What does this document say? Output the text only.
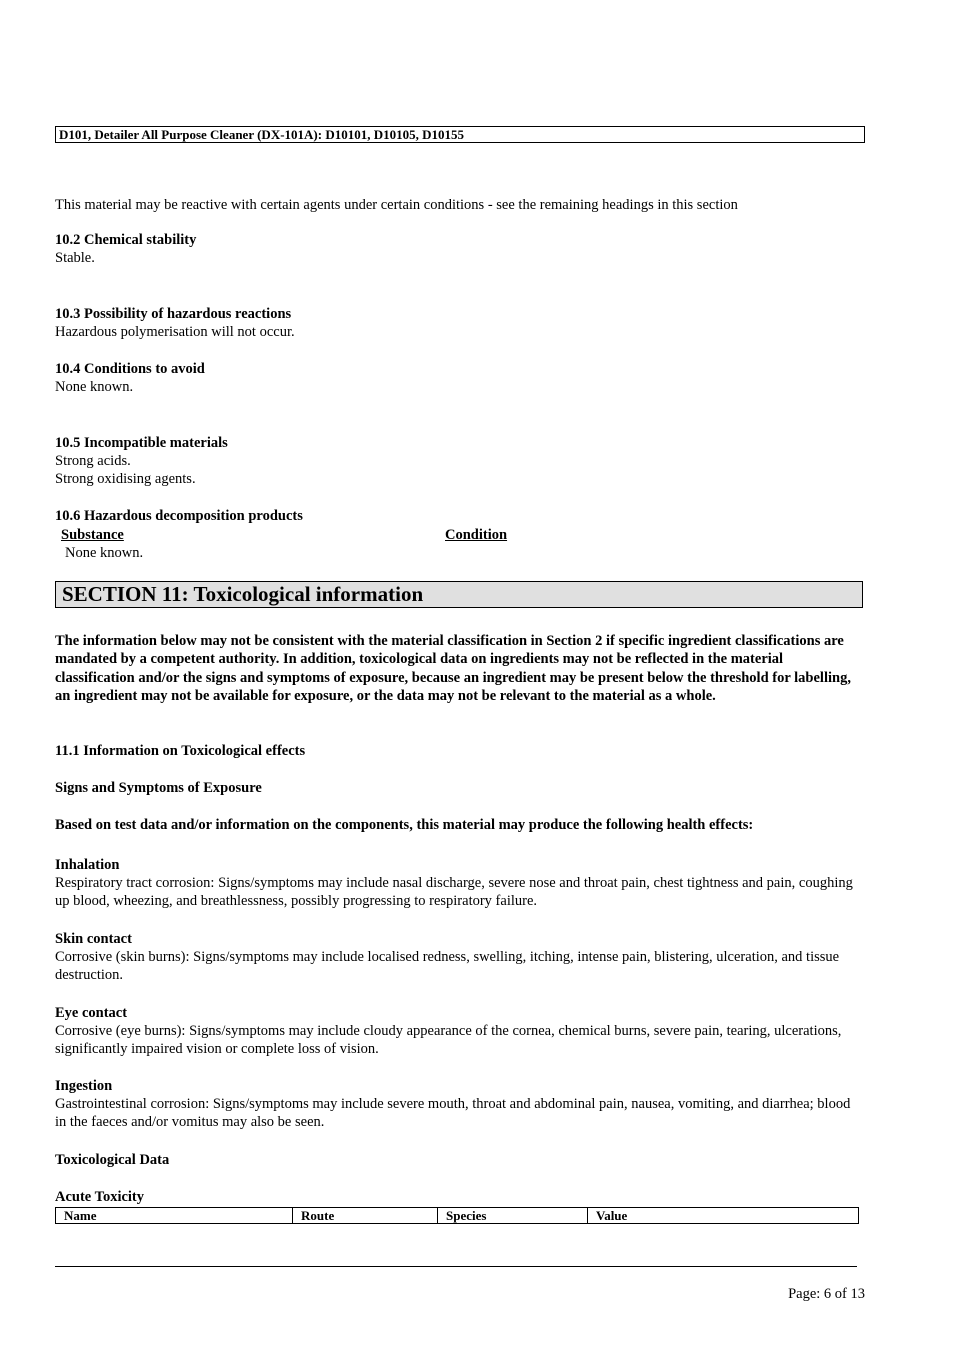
D101, Detailer All Purpose Cleaner (DX-101A): D10101, D10105, D10155
This material may be reactive with certain agents under certain conditions - see the remaining headings in this section
10.2 Chemical stability
Stable.
10.3 Possibility of hazardous reactions
Hazardous polymerisation will not occur.
10.4 Conditions to avoid
None known.
10.5 Incompatible materials
Strong acids.
Strong oxidising agents.
10.6 Hazardous decomposition products
Substance	Condition
None known.
SECTION 11: Toxicological information
The information below may not be consistent with the material classification in Section 2 if specific ingredient classifications are mandated by a competent authority. In addition, toxicological data on ingredients may not be reflected in the material classification and/or the signs and symptoms of exposure, because an ingredient may be present below the threshold for labelling, an ingredient may not be available for exposure, or the data may not be relevant to the material as a whole.
11.1 Information on Toxicological effects
Signs and Symptoms of Exposure
Based on test data and/or information on the components, this material may produce the following health effects:
Inhalation
Respiratory tract corrosion: Signs/symptoms may include nasal discharge, severe nose and throat pain, chest tightness and pain, coughing up blood, wheezing, and breathlessness, possibly progressing to respiratory failure.
Skin contact
Corrosive (skin burns): Signs/symptoms may include localised redness, swelling, itching, intense pain, blistering, ulceration, and tissue destruction.
Eye contact
Corrosive (eye burns): Signs/symptoms may include cloudy appearance of the cornea, chemical burns, severe pain, tearing, ulcerations, significantly impaired vision or complete loss of vision.
Ingestion
Gastrointestinal corrosion: Signs/symptoms may include severe mouth, throat and abdominal pain, nausea, vomiting, and diarrhea; blood in the faeces and/or vomitus may also be seen.
Toxicological Data
Acute Toxicity
Name	Route	Species	Value
Page: 6 of 13
